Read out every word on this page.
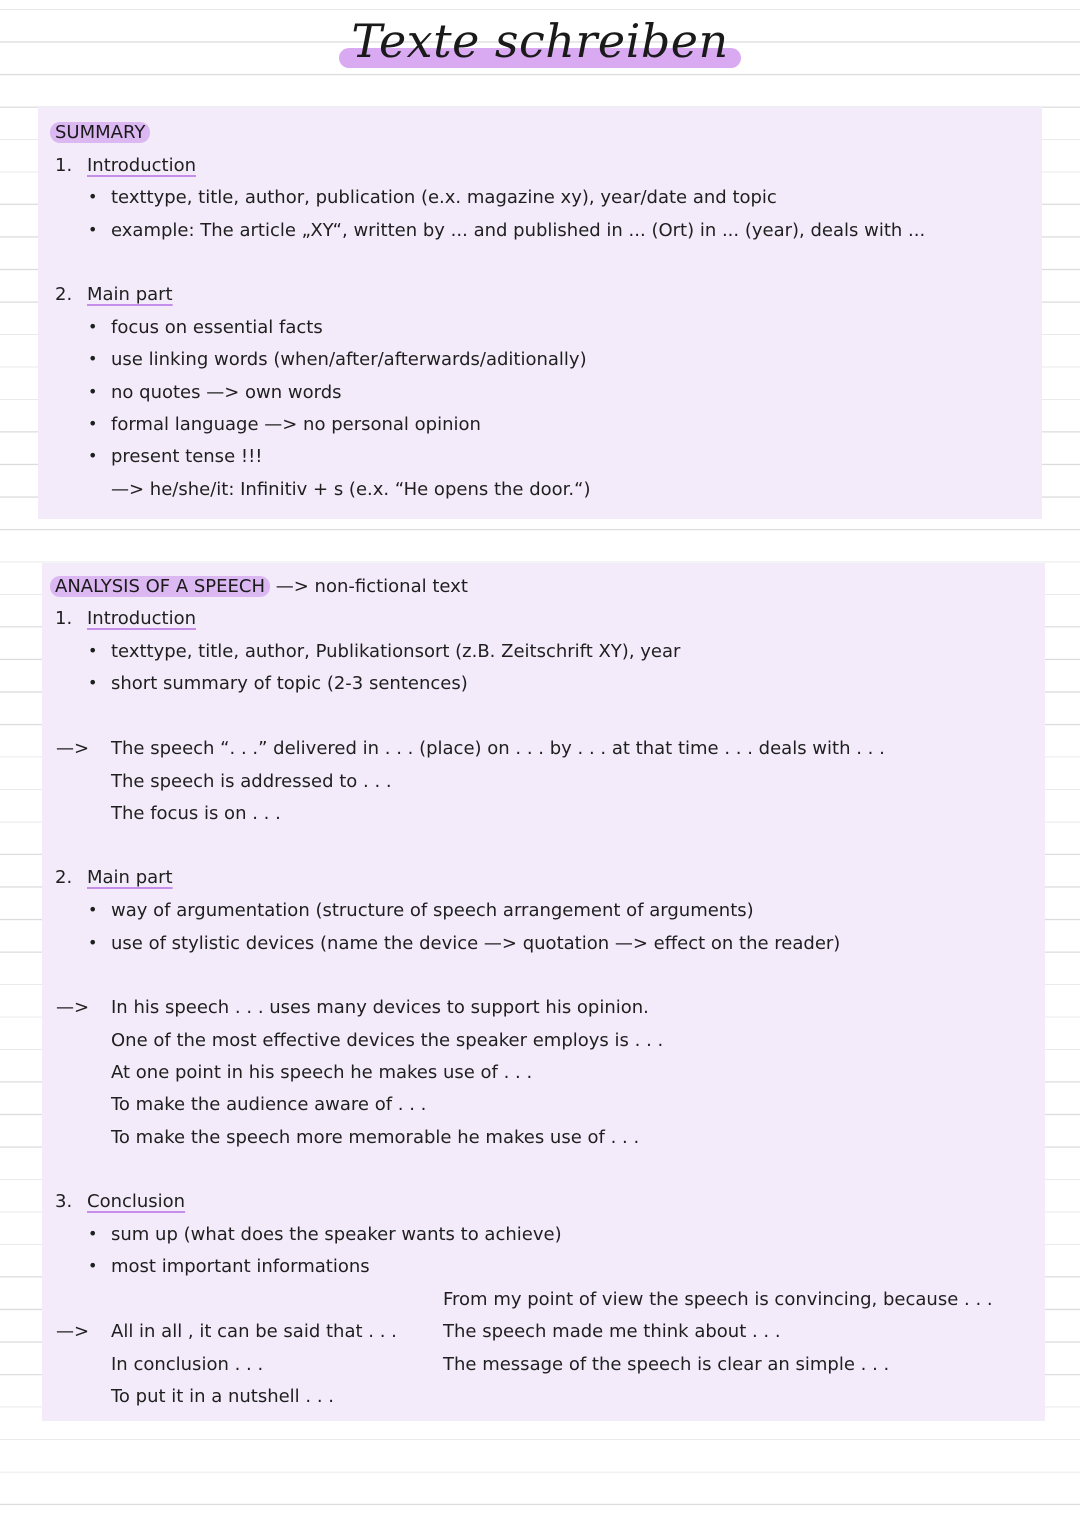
Texte schreiben
SUMMARY
1. Introduction
• texttype, title, author, publication (e.x. magazine xy), year/date and topic
• example: The article „XY“, written by ... and published in ... (Ort) in ... (year), deals with ...
2. Main part
• focus on essential facts
• use linking words (when/after/afterwards/aditionally)
• no quotes —> own words
• formal language —> no personal opinion
• present tense !!!
—> he/she/it: Infinitiv + s (e.x. “He opens the door.“)
ANALYSIS OF A SPEECH —> non-fictional text
1. Introduction
• texttype, title, author, Publikationsort (z.B. Zeitschrift XY), year
• short summary of topic (2-3 sentences)
—> The speech “. . .” delivered in . . . (place) on . . . by . . . at that time . . . deals with . . .
The speech is addressed to . . .
The focus is on . . .
2. Main part
• way of argumentation (structure of speech arrangement of arguments)
• use of stylistic devices (name the device —> quotation —> effect on the reader)
—> In his speech . . . uses many devices to support his opinion.
One of the most effective devices the speaker employs is . . .
At one point in his speech he makes use of . . .
To make the audience aware of . . .
To make the speech more memorable he makes use of . . .
3. Conclusion
• sum up (what does the speaker wants to achieve)
• most important informations
—> All in all , it can be said that . . .
In conclusion . . .
To put it in a nutshell . . .
From my point of view the speech is convincing, because . . .
The speech made me think about . . .
The message of the speech is clear an simple . . .
